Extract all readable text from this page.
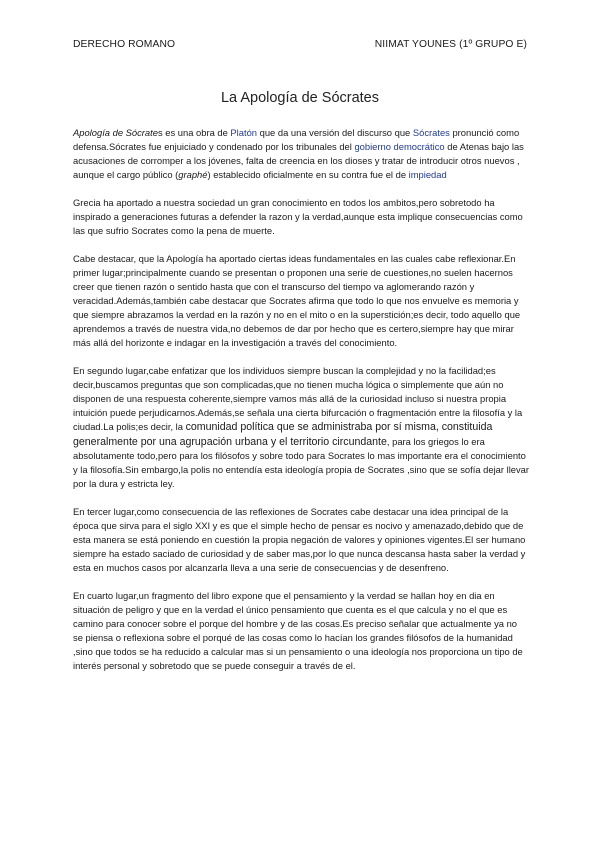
DERECHO ROMANO	NIIMAT YOUNES (1º GRUPO E)
La Apología de Sócrates

Apología de Sócrates es una obra de Platón que da una versión del discurso que Sócrates pronunció como defensa.Sócrates fue enjuiciado y condenado por los tribunales del gobierno democrático de Atenas bajo las acusaciones de corromper a los jóvenes, falta de creencia en los dioses y tratar de introducir otros nuevos , aunque el cargo público (graphé) establecido oficialmente en su contra fue el de impiedad

Grecia ha aportado a nuestra sociedad un gran conocimiento en todos los ambitos,pero sobretodo ha inspirado a generaciones futuras a defender la razon y la verdad,aunque esta implique consecuencias como las que sufrio Socrates como la pena de muerte.

Cabe destacar, que la Apología ha aportado ciertas ideas fundamentales en las cuales cabe reflexionar.En primer lugar;principalmente cuando se presentan o proponen una serie de cuestiones,no suelen hacernos creer que tienen razón o sentido hasta que con el transcurso del tiempo va aglomerando razón y veracidad.Además,también cabe destacar que Socrates afirma que todo lo que nos envuelve es memoria y que siempre abrazamos la verdad en la razón y no en el mito o en la superstición;es decir, todo aquello que aprendemos a través de nuestra vida,no debemos de dar por hecho que es certero,siempre hay que mirar más allá del horizonte e indagar en la investigación a través del conocimiento.

En segundo lugar,cabe enfatizar que los individuos siempre buscan la complejidad y no la facilidad;es decir,buscamos preguntas que son complicadas,que no tienen mucha lógica o simplemente que aún no disponen de una respuesta coherente,siempre vamos más allá de la curiosidad incluso si nuestra propia intuición puede perjudicarnos.Además,se señala una cierta bifurcación o fragmentación entre la filosofía y la ciudad.La polis;es decir, la comunidad política que se administraba por sí misma, constituida generalmente por una agrupación urbana y el territorio circundante, para los griegos lo era absolutamente todo,pero para los filósofos y sobre todo para Socrates lo mas importante era el conocimiento y la filosofía.Sin embargo,la polis no entendía esta ideología propia de Socrates ,sino que se sofía dejar llevar por la dura y estricta ley.

En tercer lugar,como consecuencia de las reflexiones de Socrates cabe destacar una idea principal de la época que sirva para el siglo XXI y es que el simple hecho de pensar es nocivo y amenazado,debido que de esta manera se está poniendo en cuestión la propia negación de valores y opiniones vigentes.El ser humano siempre ha estado saciado de curiosidad y de saber mas,por lo que nunca descansa hasta saber la verdad y esta en muchos casos por alcanzarla lleva a una serie de consecuencias y de desenfreno.

En cuarto lugar,un fragmento del libro expone que el pensamiento y la verdad se hallan hoy en dia en situación de peligro y que en la verdad el único pensamiento que cuenta es el que calcula y no el que es camino para conocer sobre el porque del hombre y de las cosas.Es preciso señalar que actualmente ya no se piensa o reflexiona sobre el porqué de las cosas como lo hacían los grandes filósofos de la humanidad ,sino que todos se ha reducido a calcular mas si un pensamiento o una ideología nos proporciona un tipo de interés personal y sobretodo que se puede conseguir a través de el.
